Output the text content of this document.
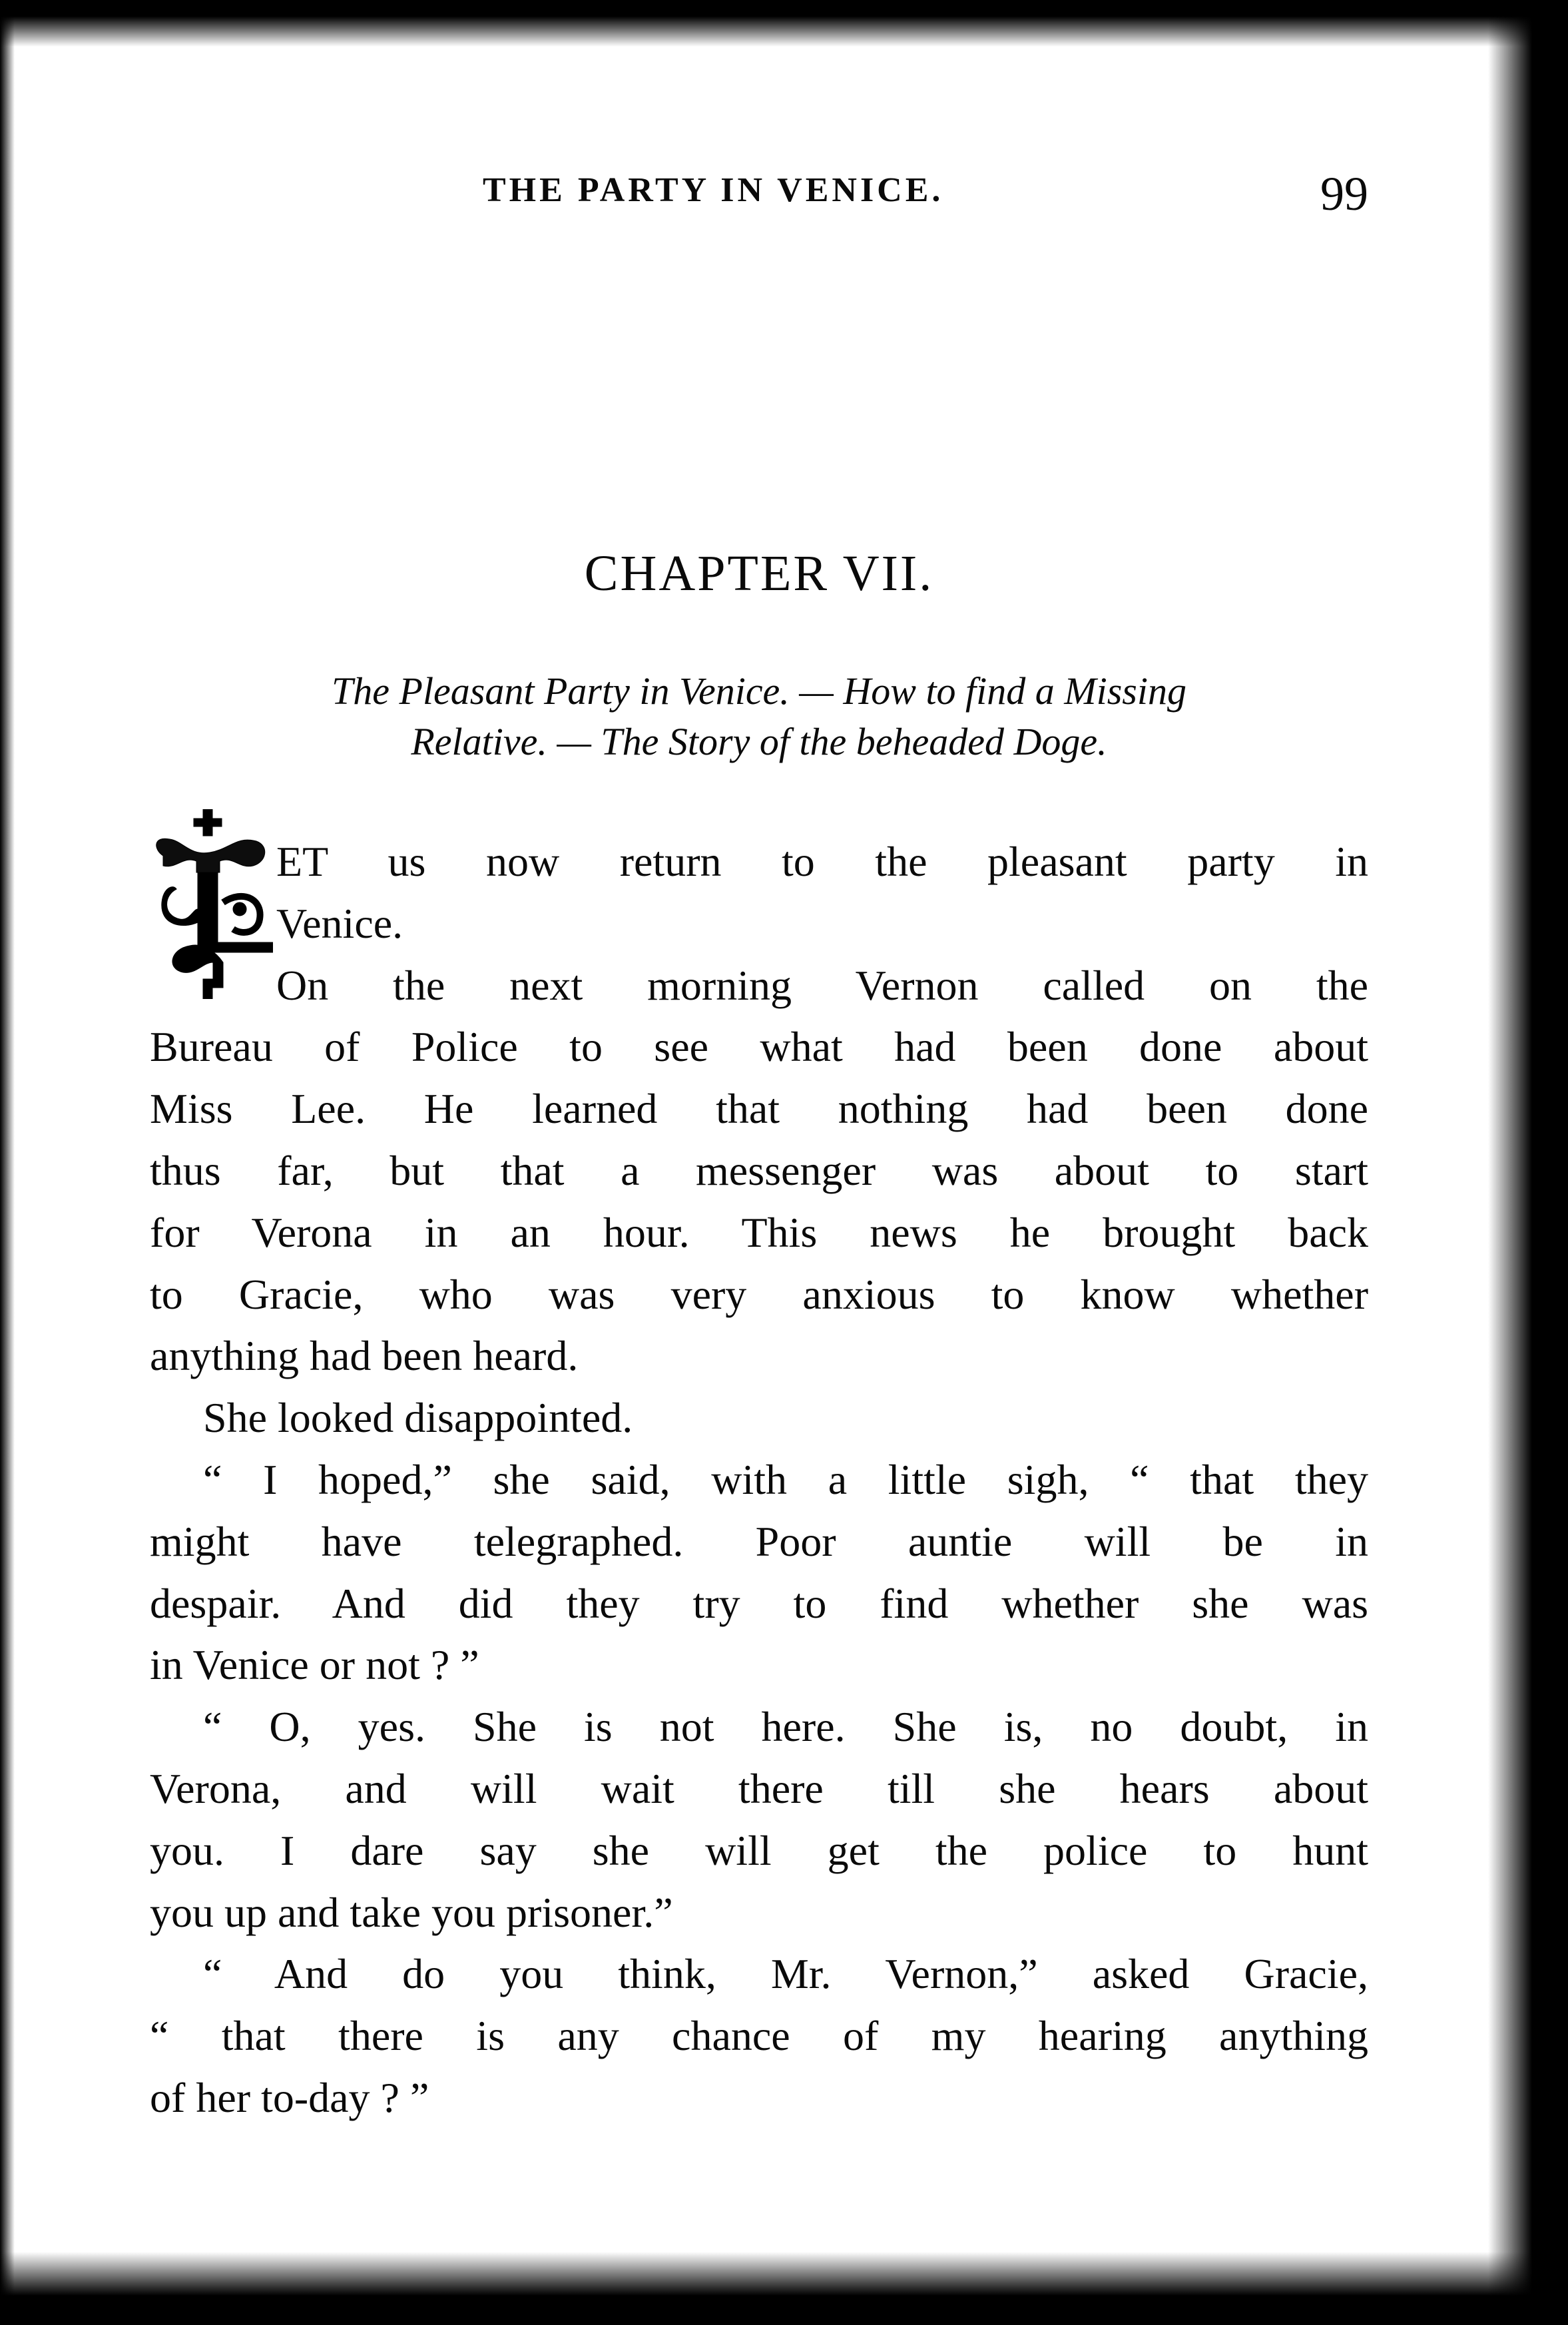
THE PARTY IN VENICE.	99
CHAPTER VII.
The Pleasant Party in Venice. — How to find a Missing
Relative. — The Story of the beheaded Doge.
ET us now return to the pleasant party in
Venice.
On the next morning Vernon called on the
Bureau of Police to see what had been done about
Miss Lee. He learned that nothing had been done
thus far, but that a messenger was about to start
for Verona in an hour. This news he brought back
to Gracie, who was very anxious to know whether
anything had been heard.
She looked disappointed.
“ I hoped,” she said, with a little sigh, “ that they
might have telegraphed. Poor auntie will be in
despair. And did they try to find whether she was
in Venice or not ? ”
“ O, yes. She is not here. She is, no doubt, in
Verona, and will wait there till she hears about
you. I dare say she will get the police to hunt
you up and take you prisoner.”
“ And do you think, Mr. Vernon,” asked Gracie,
“ that there is any chance of my hearing anything
of her to-day ? ”
